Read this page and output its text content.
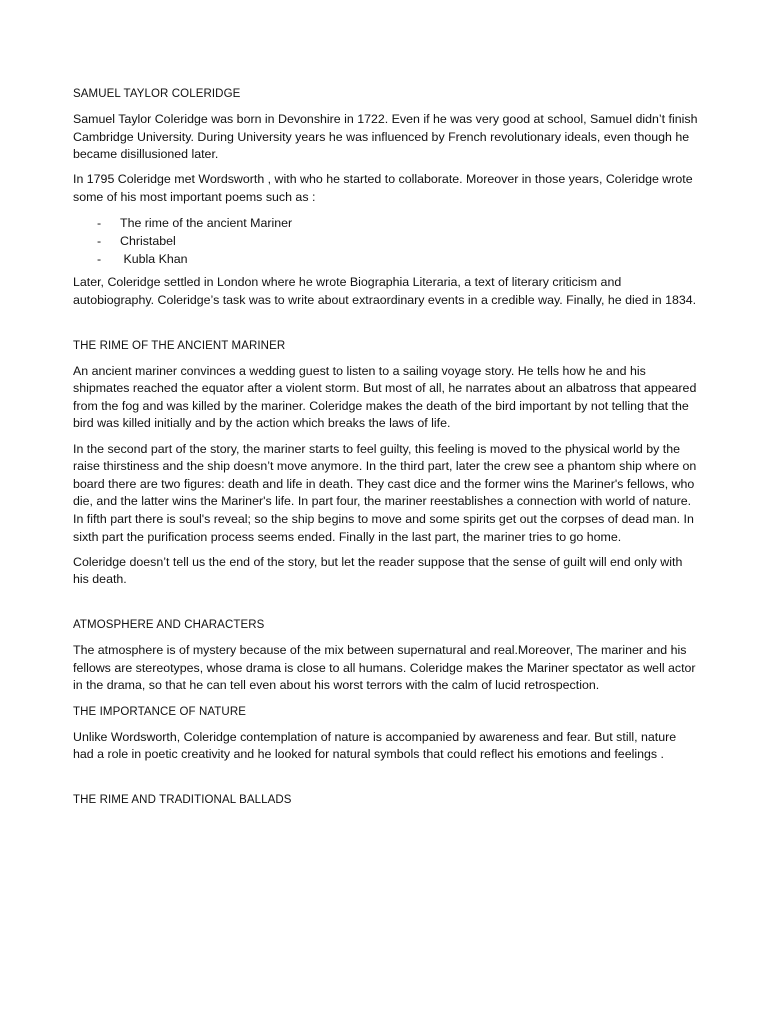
SAMUEL TAYLOR COLERIDGE

Samuel Taylor Coleridge was born in Devonshire in 1722. Even if he was very good at school, Samuel didn’t finish Cambridge University. During University years he was influenced by French revolutionary ideals, even though he became disillusioned later.

In 1795 Coleridge met Wordsworth , with who he started to collaborate. Moreover in those years, Coleridge wrote some of his most important poems such as :

- The rime of the ancient Mariner
- Christabel
- Kubla Khan

Later, Coleridge settled in London where he wrote Biographia Literaria, a text of literary criticism and autobiography. Coleridge’s task was to write about extraordinary events in a credible way. Finally, he died in 1834.

THE RIME OF THE ANCIENT MARINER

An ancient mariner convinces a wedding guest to listen to a sailing voyage story. He tells how he and his shipmates reached the equator after a violent storm. But most of all, he narrates about an albatross that appeared from the fog and was killed by the mariner. Coleridge makes the death of the bird important by not telling that the bird was killed initially and by the action which breaks the laws of life.

In the second part of the story, the mariner starts to feel guilty, this feeling is moved to the physical world by the raise thirstiness and the ship doesn’t move anymore. In the third part, later the crew see a phantom ship where on board there are two figures: death and life in death. They cast dice and the former wins the Mariner's fellows, who die, and the latter wins the Mariner's life. In part four, the mariner reestablishes a connection with world of nature. In fifth part there is soul's reveal; so the ship begins to move and some spirits get out the corpses of dead man. In sixth part the purification process seems ended. Finally in the last part, the mariner tries to go home.

Coleridge doesn’t tell us the end of the story, but let the reader suppose that the sense of guilt will end only with his death.

ATMOSPHERE AND CHARACTERS

The atmosphere is of mystery because of the mix between supernatural and real.Moreover, The mariner and his fellows are stereotypes, whose drama is close to all humans. Coleridge makes the Mariner spectator as well actor in the drama, so that he can tell even about his worst terrors with the calm of lucid retrospection.

THE IMPORTANCE OF NATURE

Unlike Wordsworth, Coleridge contemplation of nature is accompanied by awareness and fear. But still, nature had a role in poetic creativity and he looked for natural symbols that could reflect his emotions and feelings .

THE RIME AND TRADITIONAL BALLADS
